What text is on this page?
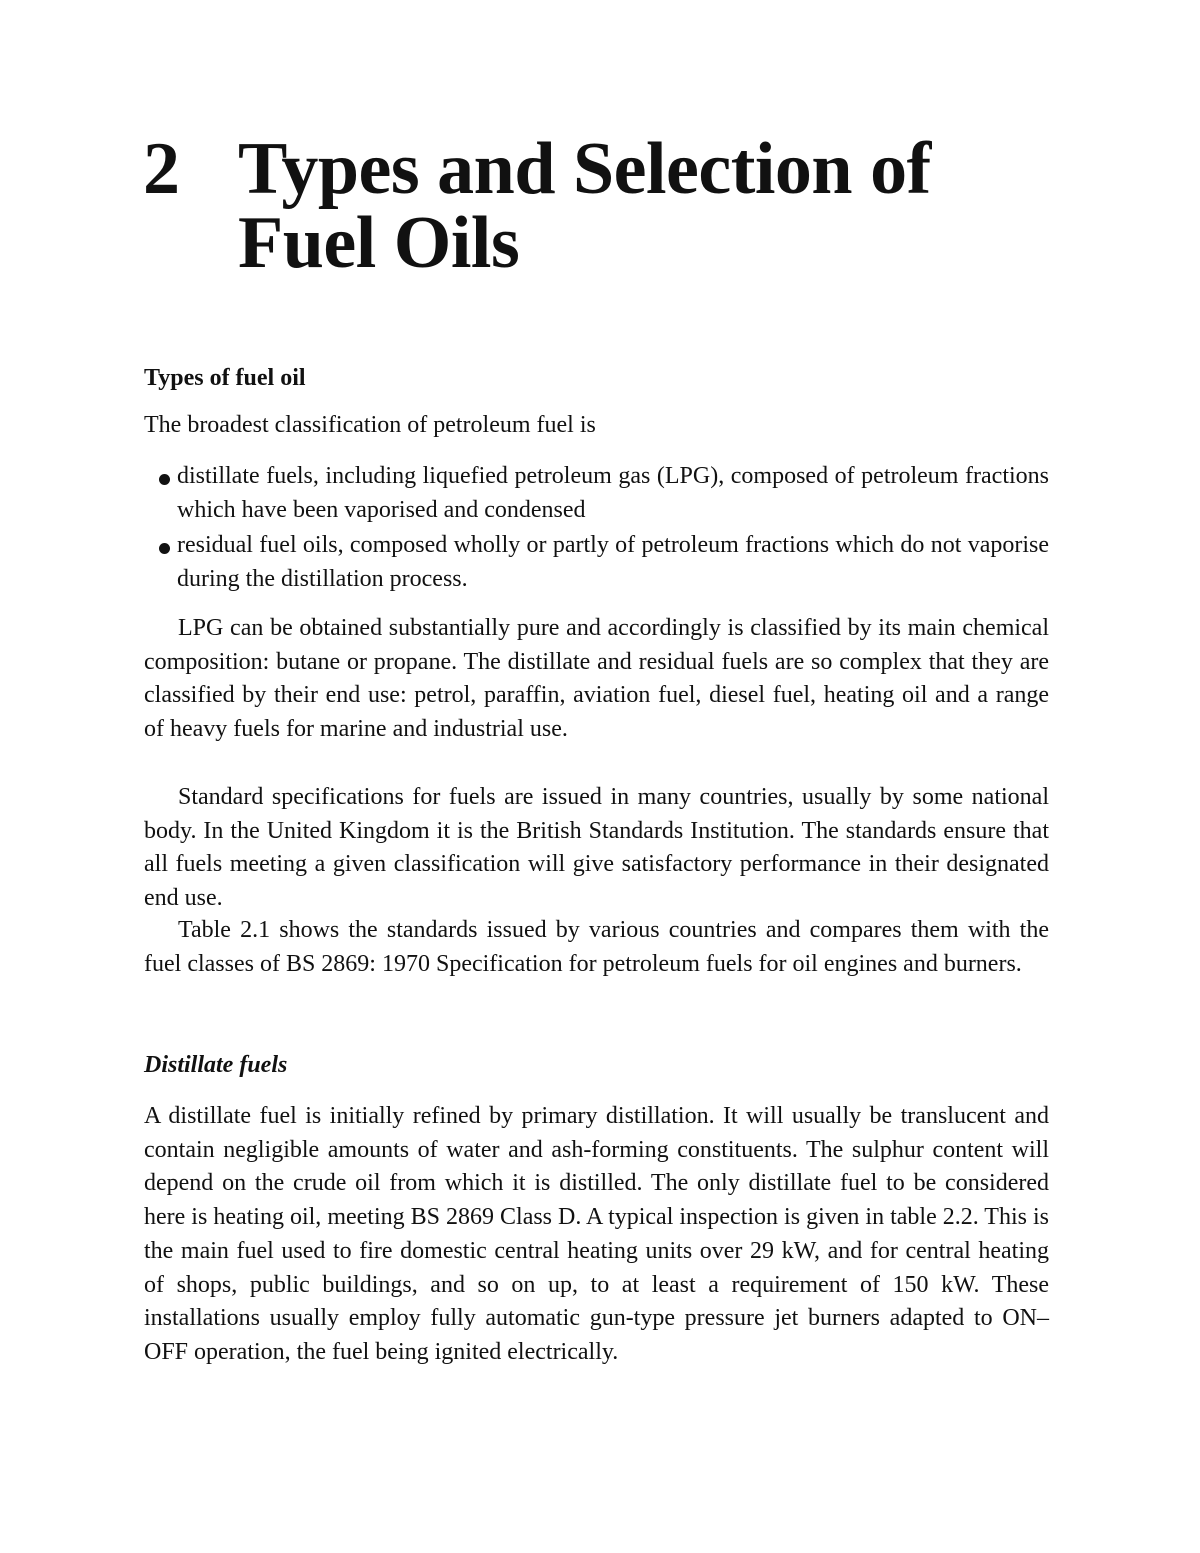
2 Types and Selection of
Fuel Oils
Types of fuel oil

The broadest classification of petroleum fuel is

distillate fuels, including liquefied petroleum gas (LPG), composed of petroleum fractions which have been vaporised and condensed
residual fuel oils, composed wholly or partly of petroleum fractions which do not vaporise during the distillation process.

LPG can be obtained substantially pure and accordingly is classified by its main chemical composition: butane or propane. The distillate and residual fuels are so complex that they are classified by their end use: petrol, paraffin, aviation fuel, diesel fuel, heating oil and a range of heavy fuels for marine and industrial use.

Standard specifications for fuels are issued in many countries, usually by some national body. In the United Kingdom it is the British Standards Institution. The standards ensure that all fuels meeting a given classification will give satisfactory performance in their designated end use.

Table 2.1 shows the standards issued by various countries and compares them with the fuel classes of BS 2869: 1970 Specification for petroleum fuels for oil engines and burners.

Distillate fuels

A distillate fuel is initially refined by primary distillation. It will usually be translucent and contain negligible amounts of water and ash-forming constituents. The sulphur content will depend on the crude oil from which it is distilled. The only distillate fuel to be considered here is heating oil, meeting BS 2869 Class D. A typical inspection is given in table 2.2. This is the main fuel used to fire domestic central heating units over 29 kW, and for central heating of shops, public buildings, and so on up, to at least a requirement of 150 kW. These installations usually employ fully automatic gun-type pressure jet burners adapted to ON–OFF operation, the fuel being ignited electrically.
